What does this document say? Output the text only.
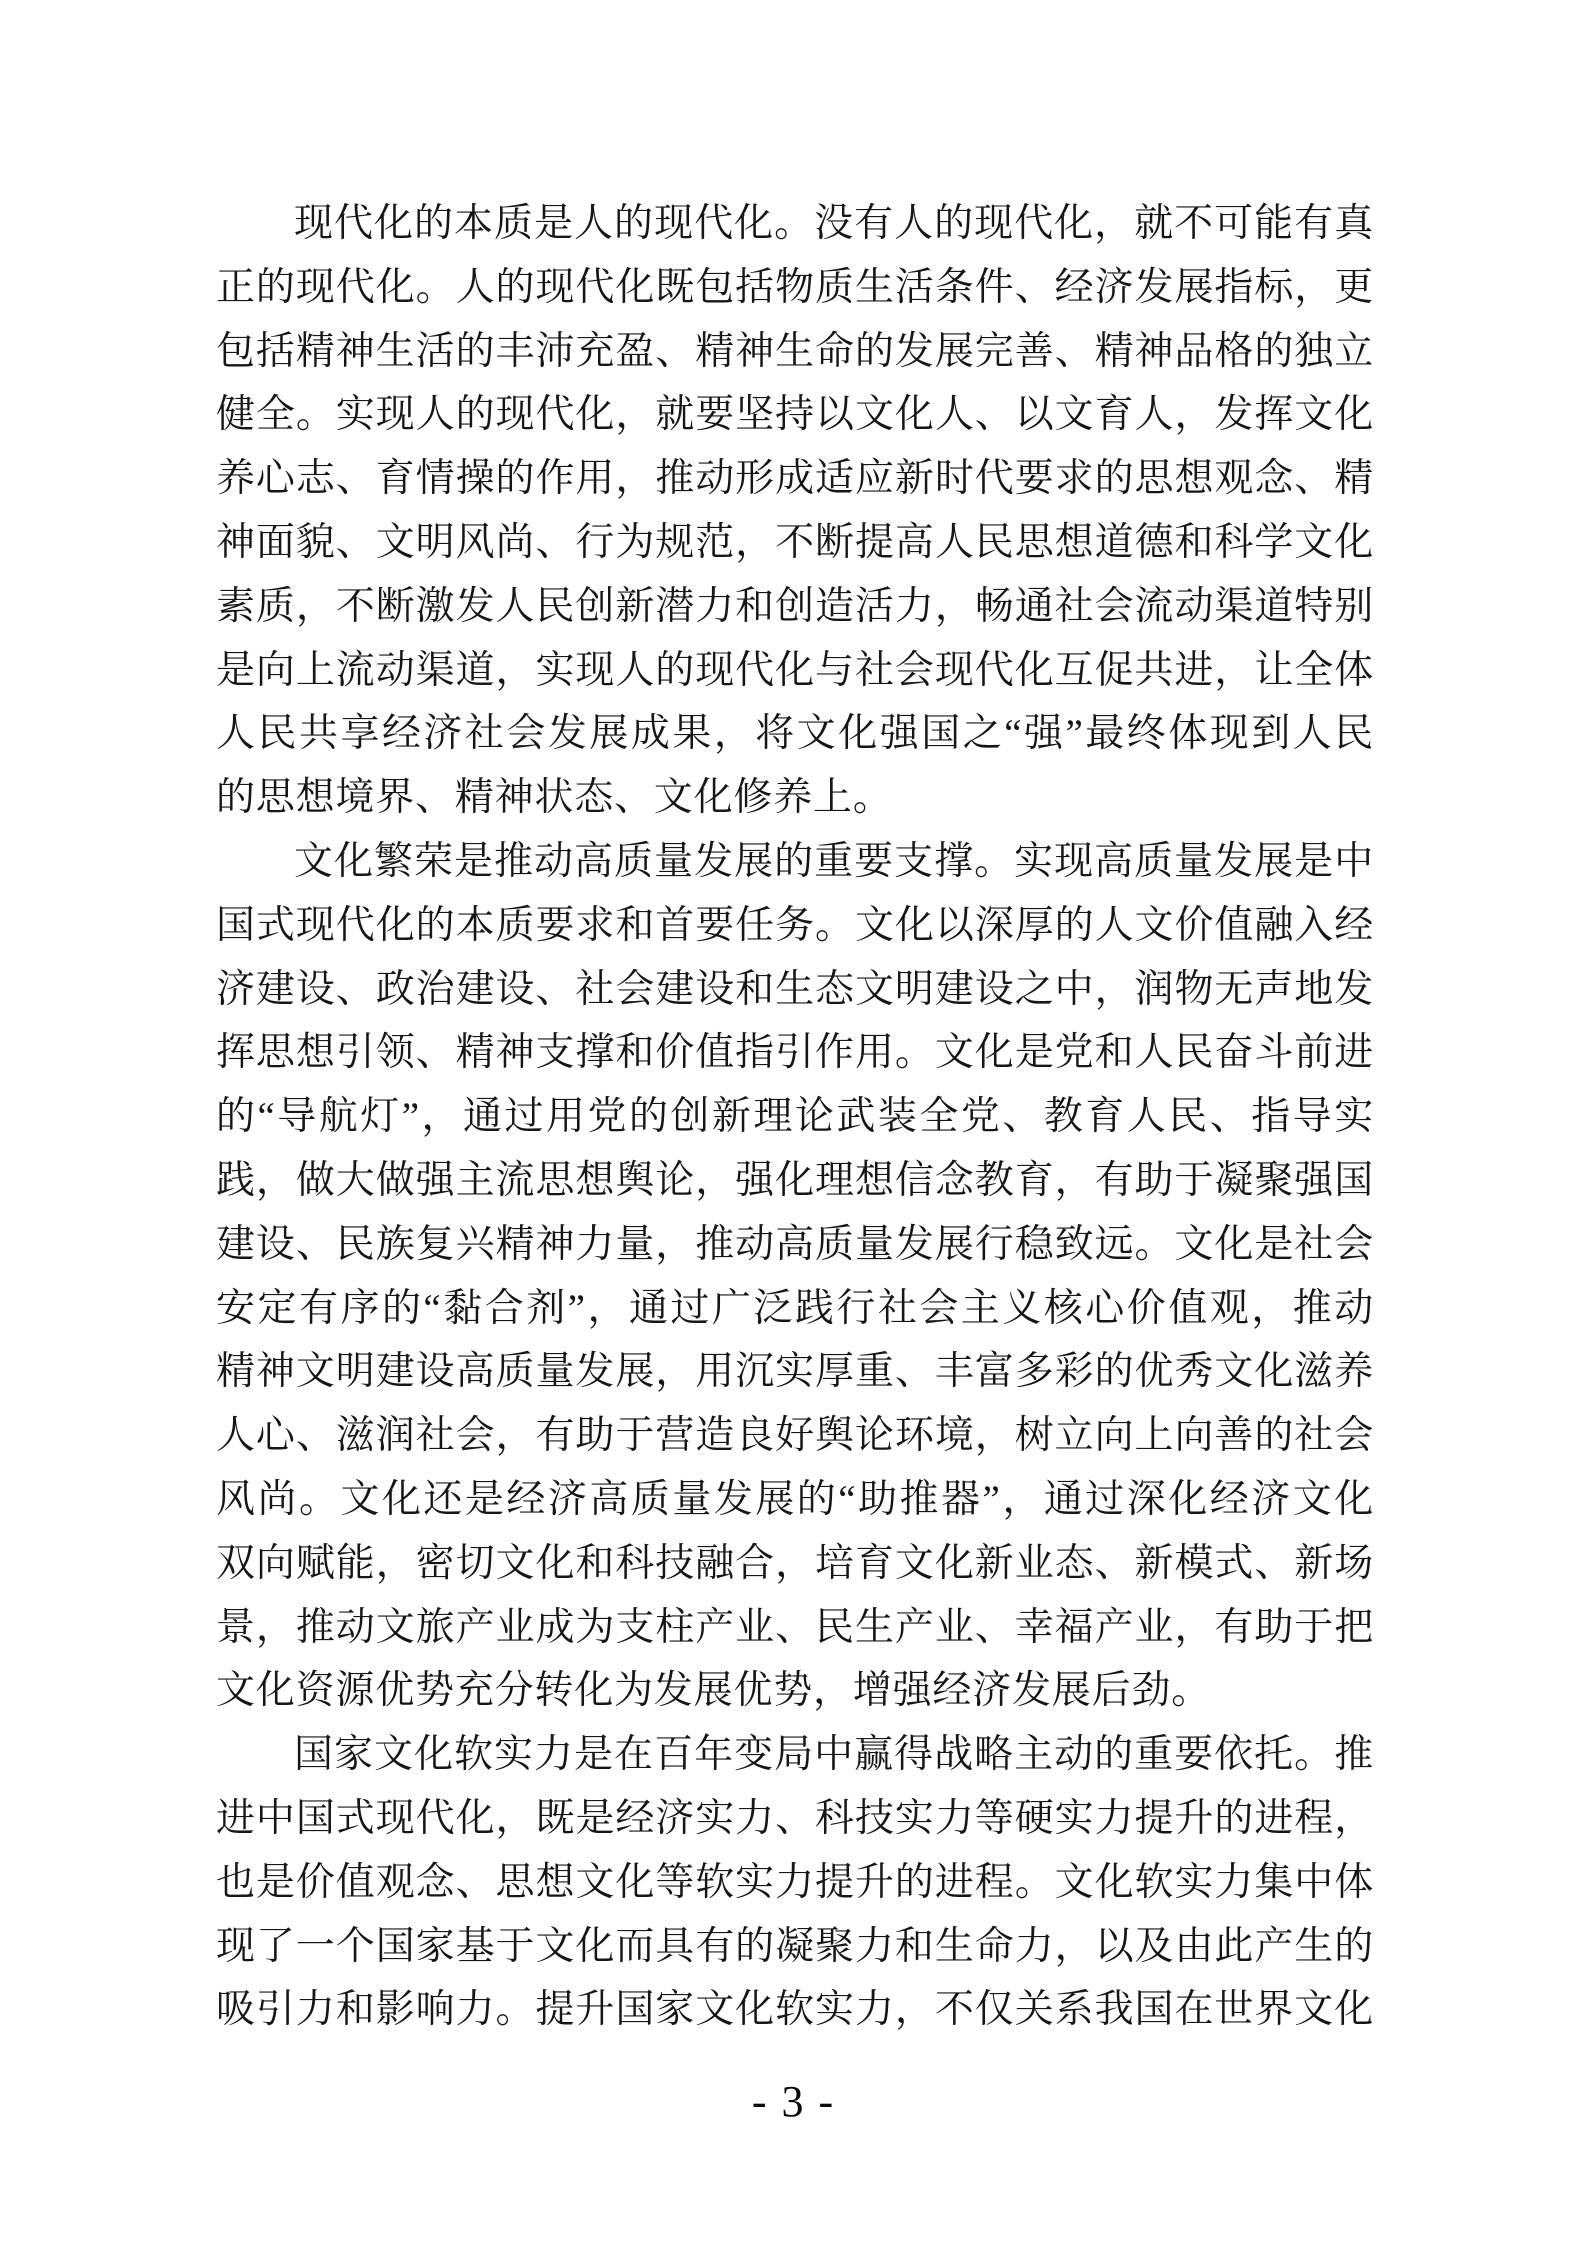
现代化的本质是人的现代化。没有人的现代化，就不可能有真
正的现代化。人的现代化既包括物质生活条件、经济发展指标，更
包括精神生活的丰沛充盈、精神生命的发展完善、精神品格的独立
健全。实现人的现代化，就要坚持以文化人、以文育人，发挥文化
养心志、育情操的作用，推动形成适应新时代要求的思想观念、精
神面貌、文明风尚、行为规范，不断提高人民思想道德和科学文化
素质，不断激发人民创新潜力和创造活力，畅通社会流动渠道特别
是向上流动渠道，实现人的现代化与社会现代化互促共进，让全体
人民共享经济社会发展成果，将文化强国之“强”最终体现到人民
的思想境界、精神状态、文化修养上。

文化繁荣是推动高质量发展的重要支撑。实现高质量发展是中
国式现代化的本质要求和首要任务。文化以深厚的人文价值融入经
济建设、政治建设、社会建设和生态文明建设之中，润物无声地发
挥思想引领、精神支撑和价值指引作用。文化是党和人民奋斗前进
的“导航灯”，通过用党的创新理论武装全党、教育人民、指导实
践，做大做强主流思想舆论，强化理想信念教育，有助于凝聚强国
建设、民族复兴精神力量，推动高质量发展行稳致远。文化是社会
安定有序的“黏合剂”，通过广泛践行社会主义核心价值观，推动
精神文明建设高质量发展，用沉实厚重、丰富多彩的优秀文化滋养
人心、滋润社会，有助于营造良好舆论环境，树立向上向善的社会
风尚。文化还是经济高质量发展的“助推器”，通过深化经济文化
双向赋能，密切文化和科技融合，培育文化新业态、新模式、新场
景，推动文旅产业成为支柱产业、民生产业、幸福产业，有助于把
文化资源优势充分转化为发展优势，增强经济发展后劲。

国家文化软实力是在百年变局中赢得战略主动的重要依托。推
进中国式现代化，既是经济实力、科技实力等硬实力提升的进程，
也是价值观念、思想文化等软实力提升的进程。文化软实力集中体
现了一个国家基于文化而具有的凝聚力和生命力，以及由此产生的
吸引力和影响力。提升国家文化软实力，不仅关系我国在世界文化

- 3 -
